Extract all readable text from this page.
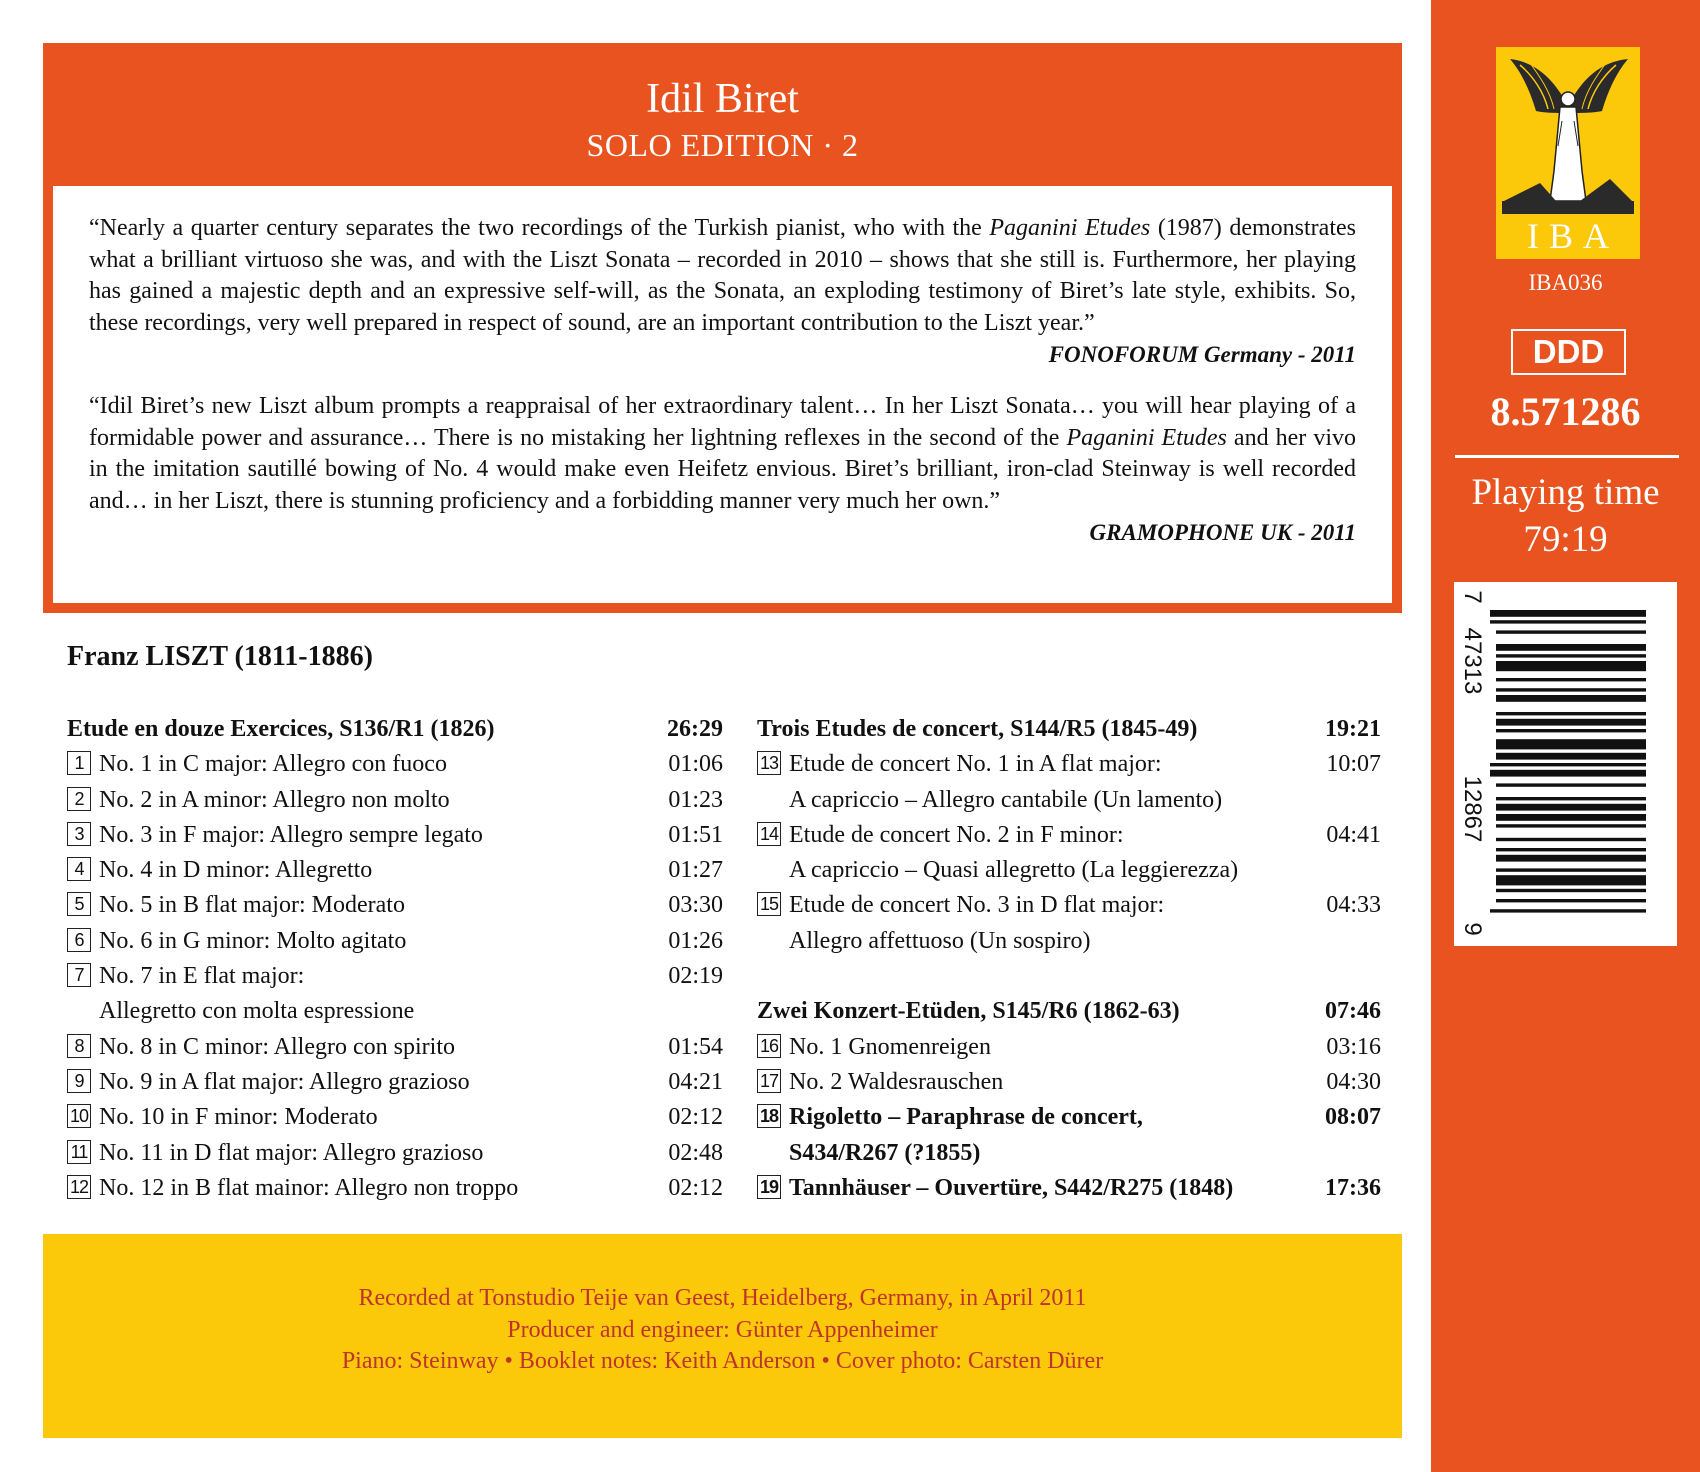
Idil Biret
SOLO EDITION · 2

“Nearly a quarter century separates the two recordings of the Turkish pianist, who with the Paganini Etudes (1987) demonstrates what a brilliant virtuoso she was, and with the Liszt Sonata – recorded in 2010 – shows that she still is. Furthermore, her playing has gained a majestic depth and an expressive self-will, as the Sonata, an exploding testimony of Biret’s late style, exhibits. So, these recordings, very well prepared in respect of sound, are an important contribution to the Liszt year.”

FONOFORUM Germany - 2011

“Idil Biret’s new Liszt album prompts a reappraisal of her extraordinary talent… In her Liszt Sonata… you will hear playing of a formidable power and assurance… There is no mistaking her lightning reflexes in the second of the Paganini Etudes and her vivo in the imitation sautillé bowing of No. 4 would make even Heifetz envious. Biret’s brilliant, iron-clad Steinway is well recorded and… in her Liszt, there is stunning proficiency and a forbidding manner very much her own.”

GRAMOPHONE UK - 2011

Franz LISZT (1811-1886)
Etude en douze Exercices, S136/R1 (1826)	26:29
1 No. 1 in C major: Allegro con fuoco	01:06
2 No. 2 in A minor: Allegro non molto	01:23
3 No. 3 in F major: Allegro sempre legato	01:51
4 No. 4 in D minor: Allegretto	01:27
5 No. 5 in B flat major: Moderato	03:30
6 No. 6 in G minor: Molto agitato	01:26
7 No. 7 in E flat major:	02:19
Allegretto con molta espressione
8 No. 8 in C minor: Allegro con spirito	01:54
9 No. 9 in A flat major: Allegro grazioso	04:21
10 No. 10 in F minor: Moderato	02:12
11 No. 11 in D flat major: Allegro grazioso	02:48
12 No. 12 in B flat mainor: Allegro non troppo	02:12
Trois Etudes de concert, S144/R5 (1845-49)	19:21
13 Etude de concert No. 1 in A flat major:	10:07
A capriccio – Allegro cantabile (Un lamento)
14 Etude de concert No. 2 in F minor:	04:41
A capriccio – Quasi allegretto (La leggierezza)
15 Etude de concert No. 3 in D flat major:	04:33
Allegro affettuoso (Un sospiro)
Zwei Konzert-Etüden, S145/R6 (1862-63)	07:46
16 No. 1 Gnomenreigen	03:16
17 No. 2 Waldesrauschen	04:30
18 Rigoletto – Paraphrase de concert,	08:07
S434/R267 (?1855)
19 Tannhäuser – Ouvertüre, S442/R275 (1848)	17:36
Recorded at Tonstudio Teije van Geest, Heidelberg, Germany, in April 2011
Producer and engineer: Günter Appenheimer
Piano: Steinway • Booklet notes: Keith Anderson • Cover photo: Carsten Dürer
IBA
IBA036
DDD
8.571286
Playing time
79:19
7
47313
12867
9
